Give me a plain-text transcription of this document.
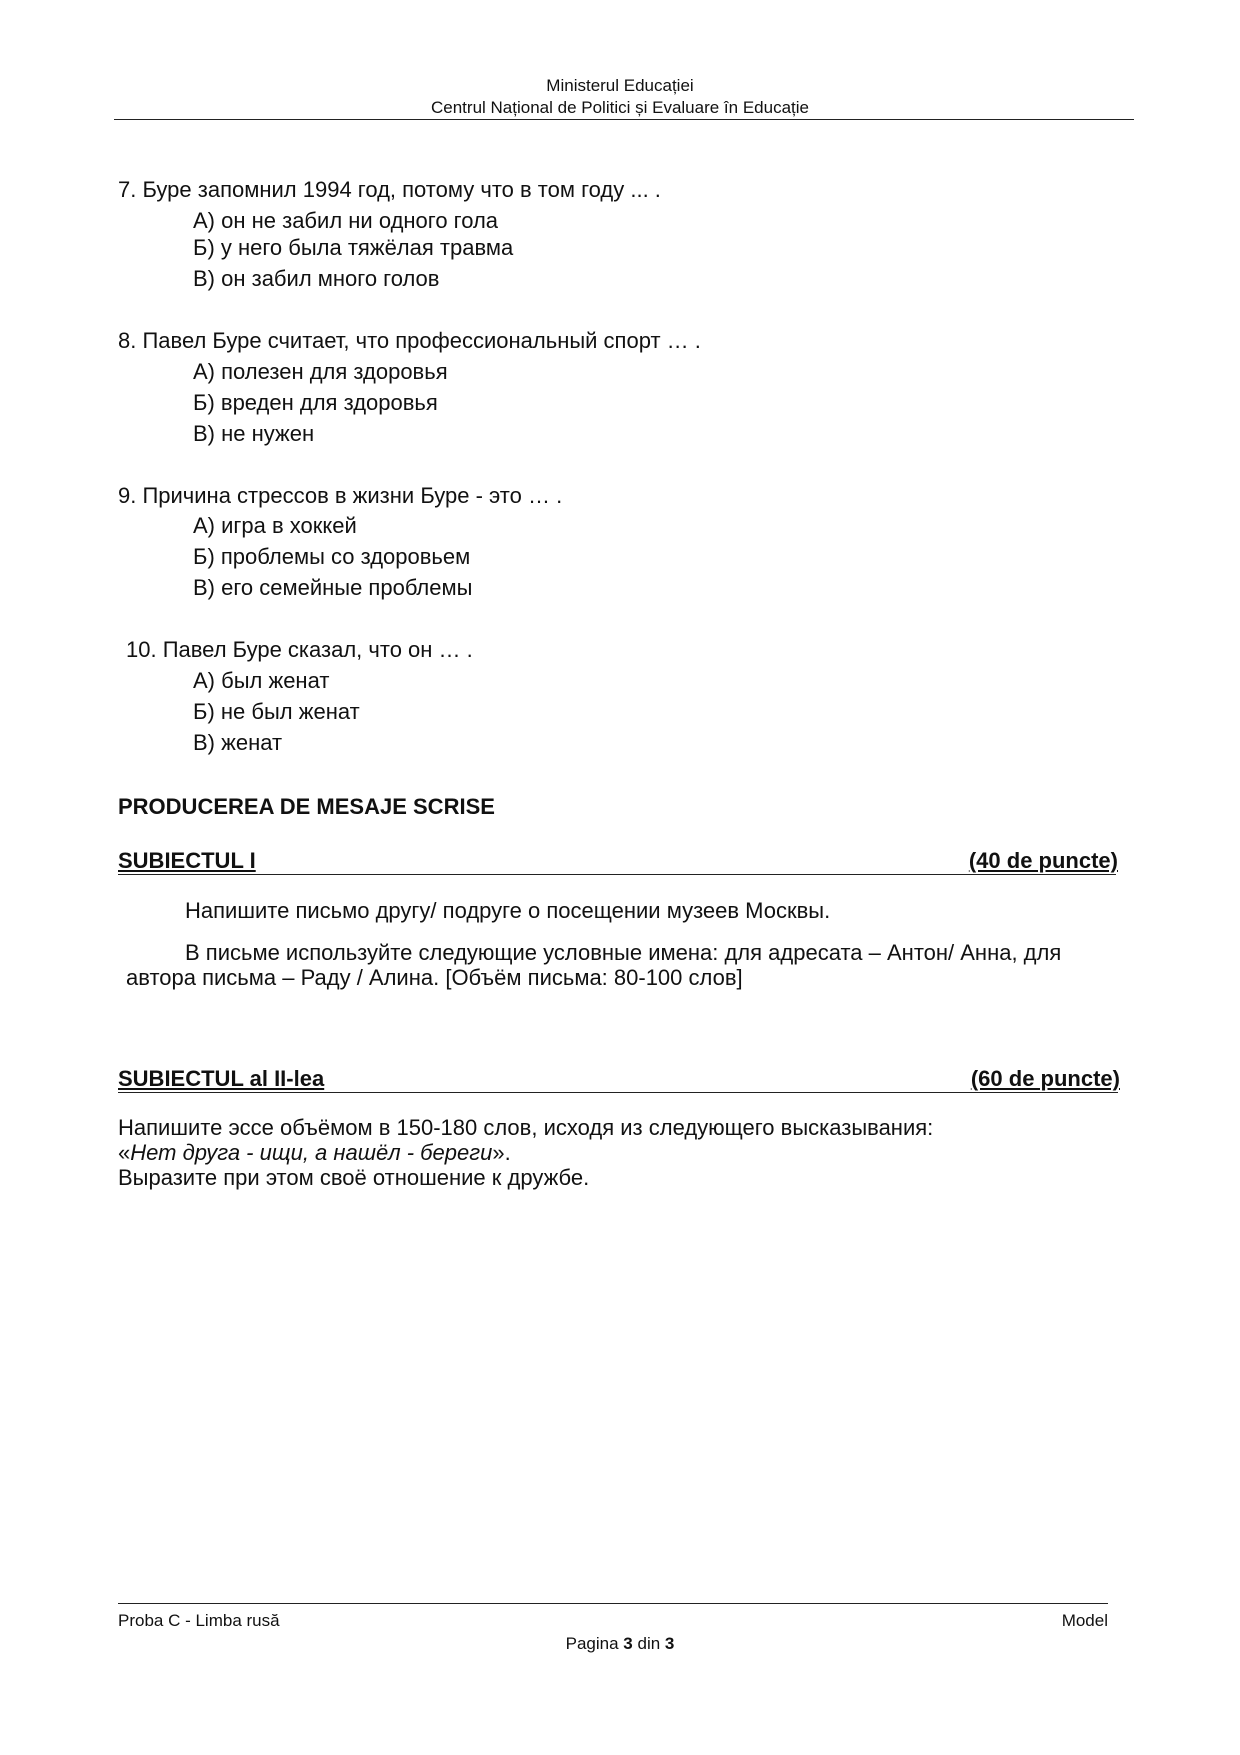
Ministerul Educației
Centrul Național de Politici și Evaluare în Educație
7. Буре запомнил 1994 год, потому что в том году ... .
А) он не забил ни одного гола
Б) у него была тяжёлая травма
В) он забил много голов
8. Павел Буре считает, что профессиональный спорт … .
А) полезен для здоровья
Б) вреден для здоровья
В) не нужен
9. Причина стрессов в жизни Буре - это … .
А) игра в хоккей
Б) проблемы со здоровьем
В) его семейные проблемы
10. Павел Буре сказал, что он … .
А) был женат
Б) не был женат
В) женат
PRODUCEREA DE MESAJE SCRISE
SUBIECTUL I	(40 de puncte)
Напишите письмо другу/ подруге о посещении музеев Москвы.
В письме используйте следующие условные имена: для адресата – Антон/ Анна, для
автора письма – Раду / Алина. [Объём письма: 80-100 слов]
SUBIECTUL al II-lea	(60 de puncte)
Напишите эссе объёмом в 150-180 слов, исходя из следующего высказывания:
«Нет друга - ищи, а нашёл - береги».
Выразите при этом своё отношение к дружбе.
Proba C - Limba rusă	Model
Pagina 3 din 3
